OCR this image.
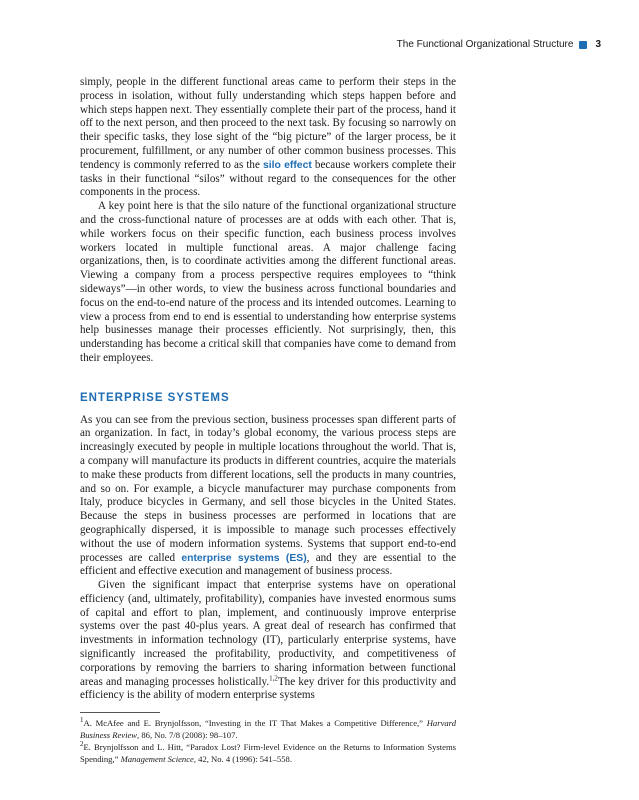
The Functional Organizational Structure 3

simply, people in the different functional areas came to perform their steps in the process in isolation, without fully understanding which steps happen before and which steps happen next. They essentially complete their part of the process, hand it off to the next person, and then proceed to the next task. By focusing so narrowly on their specific tasks, they lose sight of the “big picture” of the larger process, be it procurement, fulfillment, or any number of other common business processes. This tendency is commonly referred to as the silo effect because workers complete their tasks in their functional “silos” without regard to the consequences for the other components in the process.

A key point here is that the silo nature of the functional organizational structure and the cross-functional nature of processes are at odds with each other. That is, while workers focus on their specific function, each business process involves workers located in multiple functional areas. A major challenge facing organizations, then, is to coordinate activities among the different functional areas. Viewing a company from a process perspective requires employees to “think sideways”—in other words, to view the business across functional boundaries and focus on the end-to-end nature of the process and its intended outcomes. Learning to view a process from end to end is essential to understanding how enterprise systems help businesses manage their processes efficiently. Not surprisingly, then, this understanding has become a critical skill that companies have come to demand from their employees.

ENTERPRISE SYSTEMS

As you can see from the previous section, business processes span different parts of an organization. In fact, in today’s global economy, the various process steps are increasingly executed by people in multiple locations throughout the world. That is, a company will manufacture its products in different countries, acquire the materials to make these products from different locations, sell the products in many countries, and so on. For example, a bicycle manufacturer may purchase components from Italy, produce bicycles in Germany, and sell those bicycles in the United States. Because the steps in business processes are performed in locations that are geographically dispersed, it is impossible to manage such processes effectively without the use of modern information systems. Systems that support end-to-end processes are called enterprise systems (ES), and they are essential to the efficient and effective execution and management of business process.

Given the significant impact that enterprise systems have on operational efficiency (and, ultimately, profitability), companies have invested enormous sums of capital and effort to plan, implement, and continuously improve enterprise systems over the past 40-plus years. A great deal of research has confirmed that investments in information technology (IT), particularly enterprise systems, have significantly increased the profitability, productivity, and competitiveness of corporations by removing the barriers to sharing information between functional areas and managing processes holistically.$^{1,2}$The key driver for this productivity and efficiency is the ability of modern enterprise systems

$^1$A. McAfee and E. Brynjolfsson, “Investing in the IT That Makes a Competitive Difference,” Harvard Business Review, 86, No. 7/8 (2008): 98–107.

$^2$E. Brynjolfsson and L. Hitt, “Paradox Lost? Firm-level Evidence on the Returns to Information Systems Spending,” Management Science, 42, No. 4 (1996): 541–558.
